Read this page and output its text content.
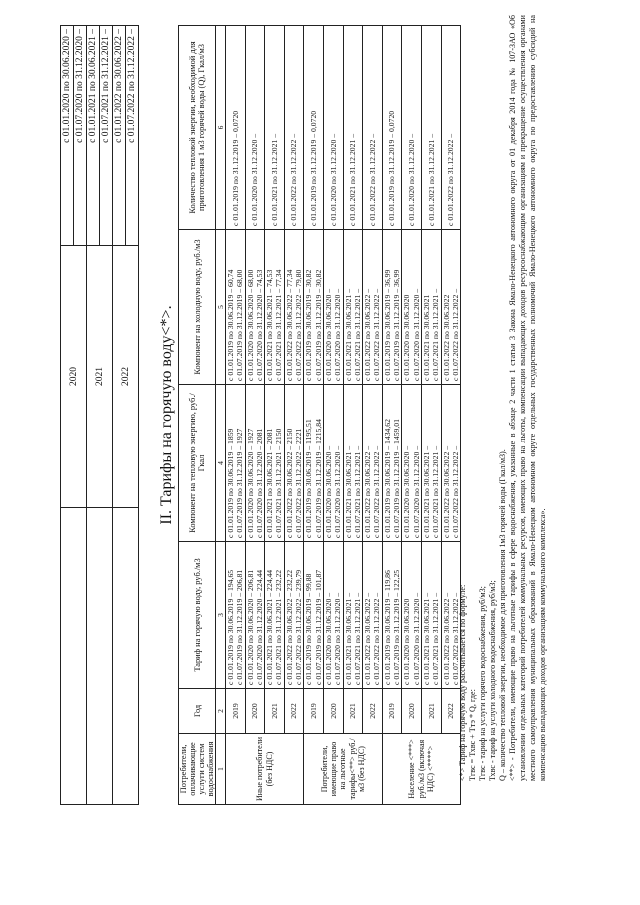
	2020	с 01.01.2020 по 30.06.2020 –
		с 01.07.2020 по 31.12.2020 –
	2021	с 01.01.2021 по 30.06.2021 –
		с 01.07.2021 по 31.12.2021 –
	2022	с 01.01.2022 по 30.06.2022 –
		с 01.07.2022 по 31.12.2022 –
II. Тарифы на горячую воду<*>.
Потребители, оплачивающие услуги систем водоснабжения	Год	Тариф на горячую воду, руб./м3	Компонент на тепловую энергию, руб./Гкал	Компонент на холодную воду, руб./м3	Количество тепловой энергии, необходимой для приготовления 1 м3 горячей воды (Q), Гкал/м3
1	2	3	4	5	6
Иные потребители (без НДС)	2019	с 01.01.2019 по 30.06.2019 – 194,65 с 01.07.2019 по 31.12.2019 – 206,81	с 01.01.2019 по 30.06.2019 – 1859 с 01.07.2019 по 31.12.2019 – 1927	с 01.01.2019 по 30.06.2019 – 60,74 с 01.07.2019 по 31.12.2019 – 68,00	с 01.01.2019 по 31.12.2019 – 0,0720
	2020	с 01.01.2020 по 30.06.2020 – 206,81 с 01.07.2020 по 31.12.2020 – 224,44	с 01.01.2020 по 30.06.2020 – 1927 с 01.07.2020 по 31.12.2020 – 2081	с 01.01.2020 по 30.06.2020 – 68,00 с 01.07.2020 по 31.12.2020 – 74,53	с 01.01.2020 по 31.12.2020 –
	2021	с 01.01.2021 по 30.06.2021 – 224,44 с 01.07.2021 по 31.12.2021 – 232,22	с 01.01.2021 по 30.06.2021 – 2081 с 01.07.2021 по 31.12.2021 – 2150	с 01.01.2021 по 30.06.2021 – 74,53 с 01.07.2021 по 31.12.2021 – 77,34	с 01.01.2021 по 31.12.2021 –
	2022	с 01.01.2022 по 30.06.2022 – 232,22 с 01.07.2022 по 31.12.2022 – 239,79	с 01.01.2022 по 30.06.2022 – 2150 с 01.07.2022 по 31.12.2022 – 2221	с 01.01.2022 по 30.06.2022 – 77,34 с 01.07.2022 по 31.12.2022 – 79,80	с 01.01.2022 по 31.12.2022 –
Потребители, имеющие право на льготные тарифы<**> руб./м3 (без НДС)	2019	с 01.01.2019 по 30.06.2019 – 99,88 с 01.07.2019 по 31.12.2019 – 101,87	с 01.01.2019 по 30.06.2019 – 1195,51 с 01.07.2019 по 31.12.2019 – 1215,84	с 01.01.2019 по 30.06.2019 – 30,82 с 01.07.2019 по 31.12.2019 – 30,82	с 01.01.2019 по 31.12.2019 – 0,0720
	2020	с 01.01.2020 по 30.06.2020 – с 01.07.2020 по 31.12.2020 –	с 01.01.2020 по 30.06.2020 – с 01.07.2020 по 31.12.2020 –	с 01.01.2020 по 30.06.2020 – с 01.07.2020 по 31.12.2020 –	с 01.01.2020 по 31.12.2020 –
	2021	с 01.01.2021 по 30.06.2021 – с 01.07.2021 по 31.12.2021 –	с 01.01.2021 по 30.06.2021 – с 01.07.2021 по 31.12.2021 –	с 01.01.2021 по 30.06.2021 – с 01.07.2021 по 31.12.2021 –	с 01.01.2021 по 31.12.2021 –
	2022	с 01.01.2022 по 30.06.2022 – с 01.07.2022 по 31.12.2022 –	с 01.01.2022 по 30.06.2022 – с 01.07.2022 по 31.12.2022 –	с 01.01.2022 по 30.06.2022 – с 01.07.2022 по 31.12.2022 –	с 01.01.2022 по 31.12.2022 –
Население <***> руб./м3 (включая НДС) <****>	2019	с 01.01.2019 по 30.06.2019 – 119,86 с 01.07.2019 по 31.12.2019 – 122,25	с 01.01.2019 по 30.06.2019 – 1434,62 с 01.07.2019 по 31.12.2019 – 1459,01	с 01.01.2019 по 30.06.2019 – 36,99 с 01.07.2019 по 31.12.2019 – 36,99	с 01.01.2019 по 31.12.2019 – 0,0720
	2020	с 01.01.2020 по 30.06.2020 с 01.07.2020 по 31.12.2020 –	с 01.01.2020 по 30.06.2020 – с 01.07.2020 по 31.12.2020 –	с 01.01.2020 по 30.06.2020 с 01.07.2020 по 31.12.2020 –	с 01.01.2020 по 31.12.2020 –
	2021	с 01.01.2021 по 30.06.2021 – с 01.07.2021 по 31.12.2021 –	с 01.01.2021 по 30.06.2021 – с 01.07.2021 по 31.12.2021 –	с 01.01.2021 по 30.06.2021 с 01.07.2021 по 31.12.2021 –	с 01.01.2021 по 31.12.2021 –
	2022	с 01.01.2022 по 30.06.2022 – с 01.07.2022 по 31.12.2022 –	с 01.01.2022 по 30.06.2022 – с 01.07.2022 по 31.12.2022 –	с 01.01.2022 по 30.06.2022 с 01.07.2022 по 31.12.2022 –	с 01.01.2022 по 31.12.2022 –

<*> Тариф на горячую воду рассчитывается по формуле: Тгвс = Тхвс + Ттэ * Q, где: Тгвс - тариф на услуги горячего водоснабжения, руб/м3; Тхвс - тариф на услуги холодного водоснабжения, руб/м3; Q – количество тепловой энергии, необходимое для приготовления 1м3 горячей воды (Гкал/м3). <**> - Потребители, имеющие право на льготные тарифы в сфере водоснабжения, указанные в абзаце 2 части 1 статьи 3 Закона Ямало-Ненецкого автономного округа от 01 декабря 2014 года № 107-ЗАО «Об установлении отдельных категорий потребителей коммунальных ресурсов, имеющих право на льготы, компенсации выпадающих доходов ресурсоснабжающим организациям и прекращение осуществления органами местного самоуправления муниципальных образований в Ямало-Ненецком автономном округе отдельных государственных полномочий Ямало-Ненецкого автономного округа по предоставлению субсидий на компенсацию выпадающих доходов организациям коммунального комплекса».
